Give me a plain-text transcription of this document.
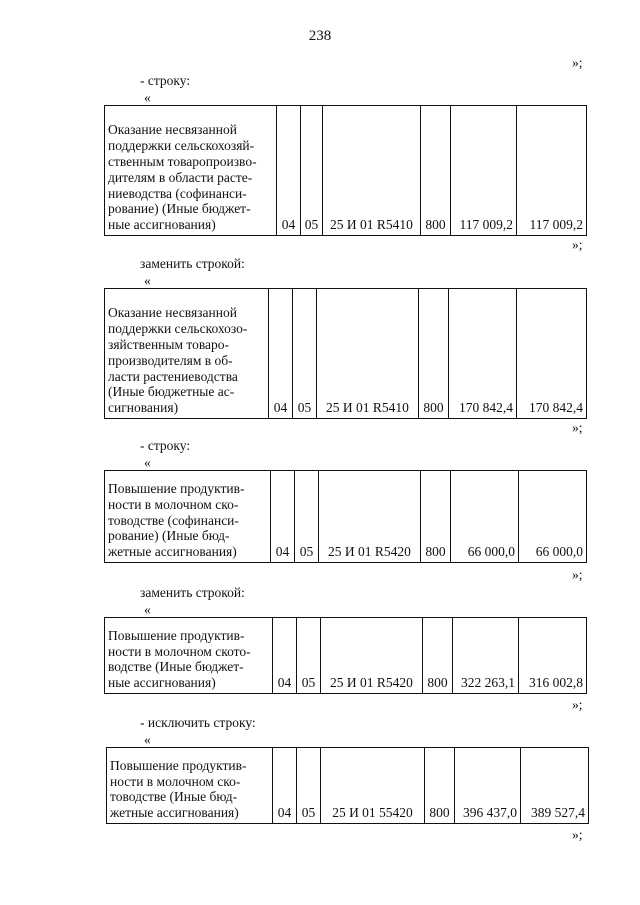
238
»;
- строку:
«
Оказание несвязанной
поддержки сельскохозяй-
ственным товаропроизво-
дителям в области расте-
ниеводства (софинанси-
рование) (Иные бюджет-
ные ассигнования)	04	05	25 И 01 R5410	800	117 009,2	117 009,2
»;
заменить строкой:
«
Оказание несвязанной
поддержки сельскохозо-
зяйственным товаро-
производителям в об-
ласти растениеводства
(Иные бюджетные ас-
сигнования)	04	05	25 И 01 R5410	800	170 842,4	170 842,4
»;
- строку:
«
Повышение продуктив-
ности в молочном ско-
товодстве (софинанси-
рование) (Иные бюд-
жетные ассигнования)	04	05	25 И 01 R5420	800	66 000,0	66 000,0
»;
заменить строкой:
«
Повышение продуктив-
ности в молочном ското-
водстве (Иные бюджет-
ные ассигнования)	04	05	25 И 01 R5420	800	322 263,1	316 002,8
»;
- исключить строку:
«
Повышение продуктив-
ности в молочном ско-
товодстве (Иные бюд-
жетные ассигнования)	04	05	25 И 01 55420	800	396 437,0	389 527,4
»;
